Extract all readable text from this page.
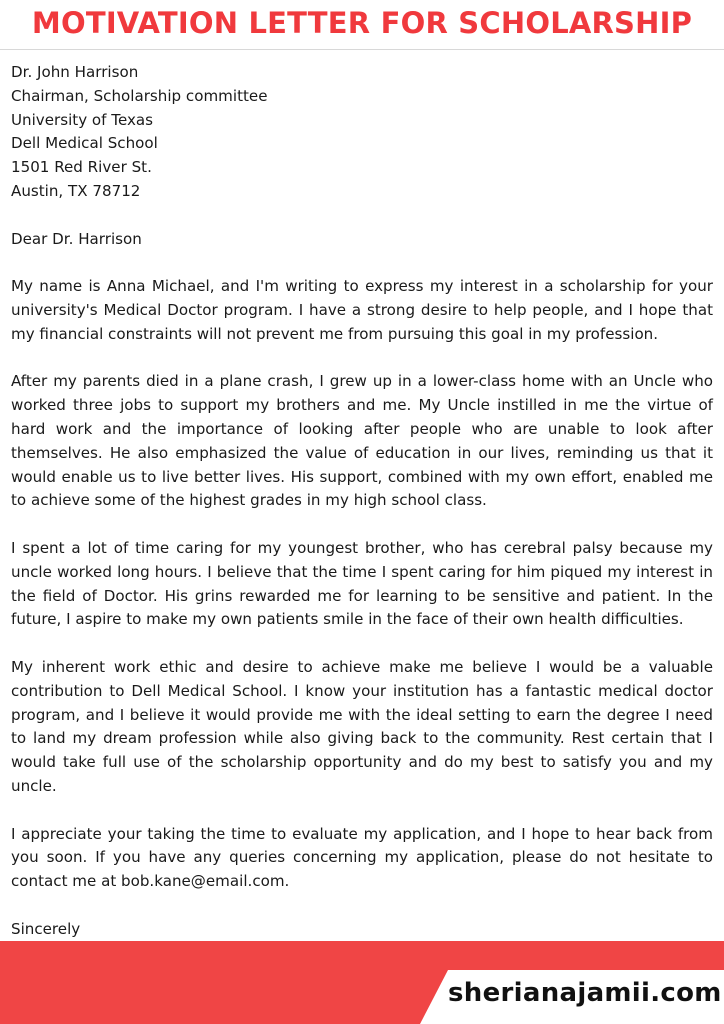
MOTIVATION LETTER FOR SCHOLARSHIP
Dr. John Harrison
Chairman, Scholarship committee
University of Texas
Dell Medical School
1501 Red River St.
Austin, TX 78712
Dear Dr. Harrison
My name is Anna Michael, and I'm writing to express my interest in a scholarship for your university's Medical Doctor program. I have a strong desire to help people, and I hope that my financial constraints will not prevent me from pursuing this goal in my profession.
After my parents died in a plane crash, I grew up in a lower-class home with an Uncle who worked three jobs to support my brothers and me. My Uncle instilled in me the virtue of hard work and the importance of looking after people who are unable to look after themselves. He also emphasized the value of education in our lives, reminding us that it would enable us to live better lives. His support, combined with my own effort, enabled me to achieve some of the highest grades in my high school class.
I spent a lot of time caring for my youngest brother, who has cerebral palsy because my uncle worked long hours. I believe that the time I spent caring for him piqued my interest in the field of Doctor. His grins rewarded me for learning to be sensitive and patient. In the future, I aspire to make my own patients smile in the face of their own health difficulties.
My inherent work ethic and desire to achieve make me believe I would be a valuable contribution to Dell Medical School. I know your institution has a fantastic medical doctor program, and I believe it would provide me with the ideal setting to earn the degree I need to land my dream profession while also giving back to the community. Rest certain that I would take full use of the scholarship opportunity and do my best to satisfy you and my uncle.
I appreciate your taking the time to evaluate my application, and I hope to hear back from you soon. If you have any queries concerning my application, please do not hesitate to contact me at bob.kane@email.com.
Sincerely
sherianajamii.com
